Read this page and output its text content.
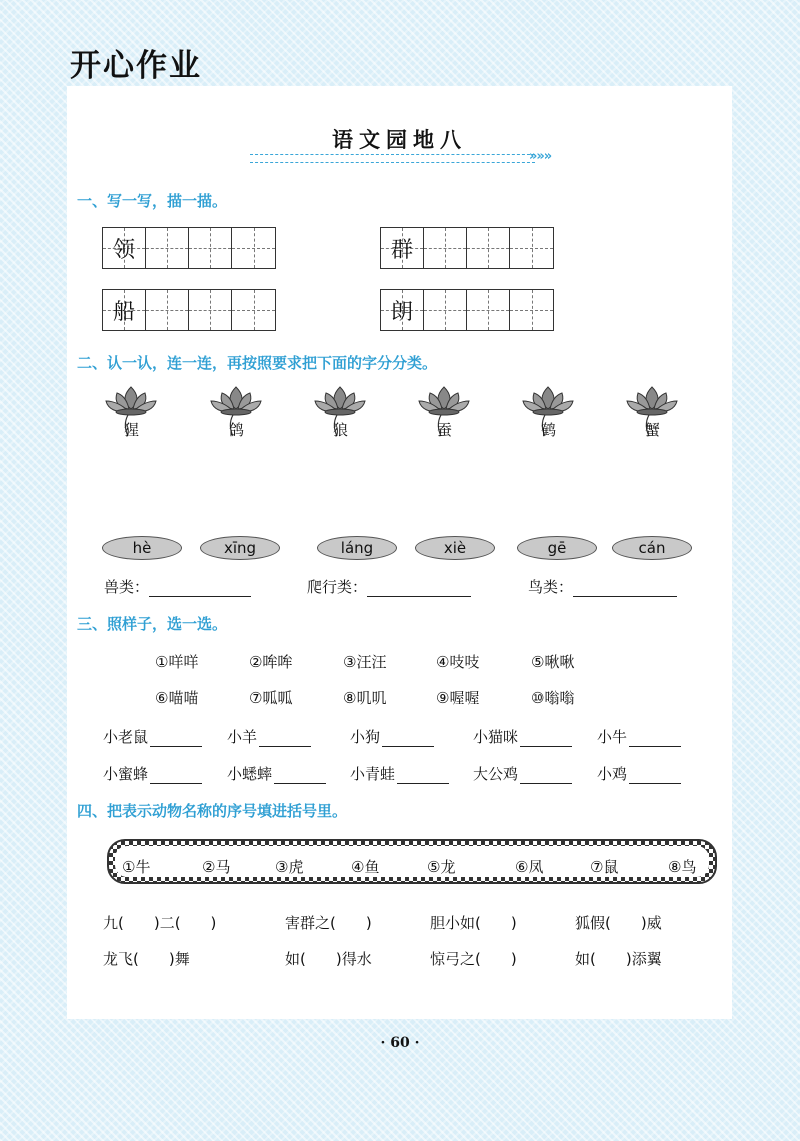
开心作业
语文园地八
»»»
一、写一写，描一描。
领	群
船	朗
二、认一认，连一连，再按照要求把下面的字分分类。
猩	鸽	狼	蚕	鹤	蟹
hè	xīng	láng	xiè	gē	cán
兽类：	爬行类：	鸟类：
三、照样子，选一选。
①咩咩	②哞哞	③汪汪	④吱吱	⑤啾啾
⑥喵喵	⑦呱呱	⑧叽叽	⑨喔喔	⑩嗡嗡
小老鼠	小羊	小狗	小猫咪	小牛
小蜜蜂	小蟋蟀	小青蛙	大公鸡	小鸡
四、把表示动物名称的序号填进括号里。
①牛	②马	③虎	④鱼	⑤龙	⑥凤	⑦鼠	⑧鸟
九(　　)二(　　)	害群之(　　)	胆小如(　　)	狐假(　　)威
龙飞(　　)舞	如(　　)得水	惊弓之(　　)	如(　　)添翼
· 60 ·
